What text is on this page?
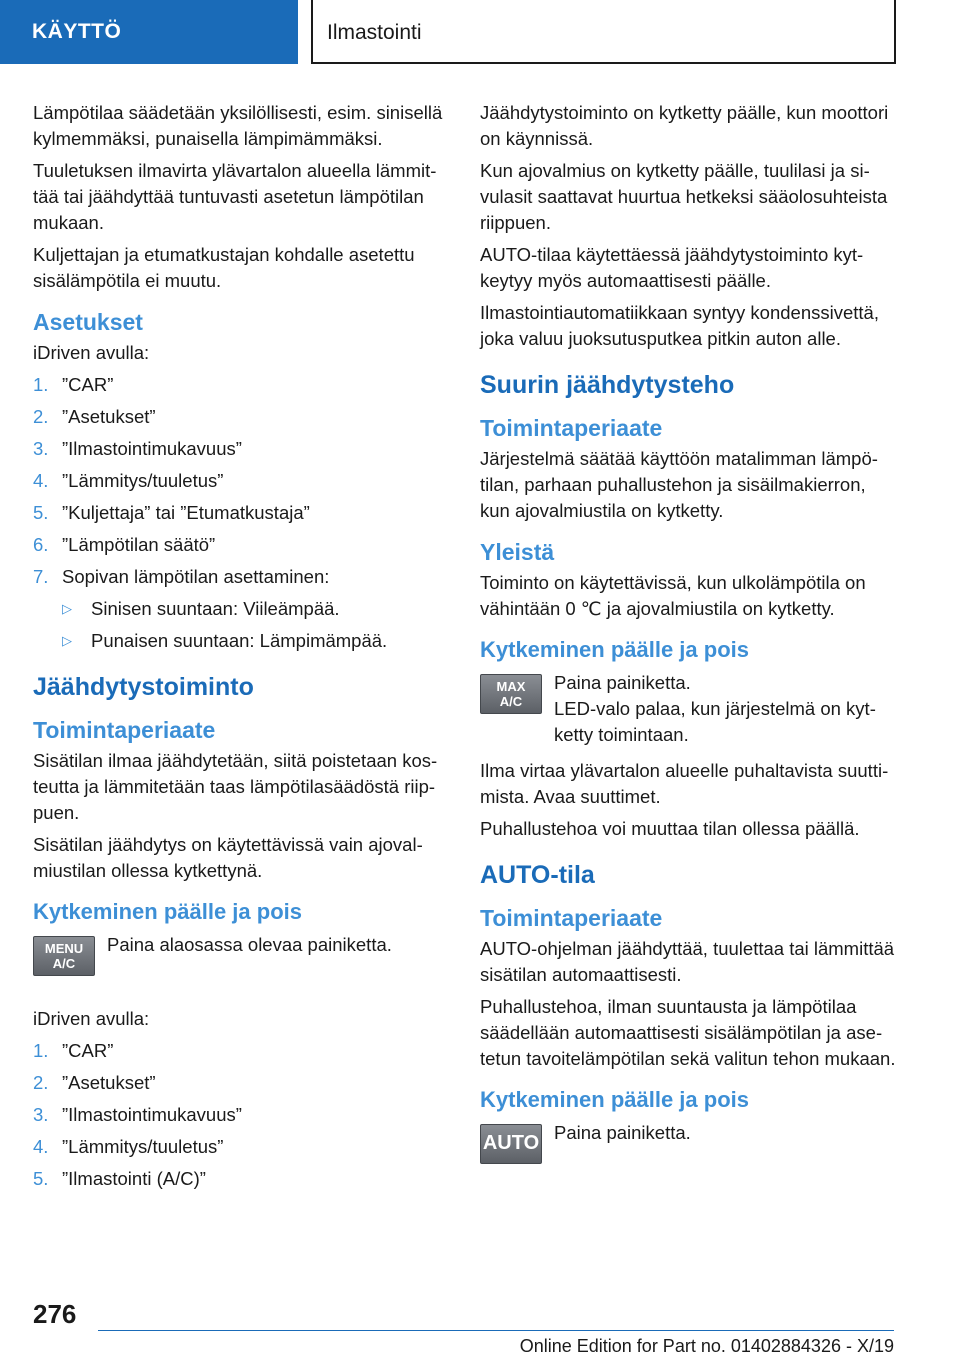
KÄYTTÖ	Ilmastointi

Lämpötilaa säädetään yksilöllisesti, esim. sinisellä kylmemmäksi, punaisella lämpimämmäksi.

Tuuletuksen ilmavirta ylävartalon alueella lämmittää tai jäähdyttää tuntuvasti asetetun lämpötilan mukaan.

Kuljettajan ja etumatkustajan kohdalle asetettu sisälämpötila ei muutu.

Asetukset

iDriven avulla:

1. ”CAR”
2. ”Asetukset”
3. ”Ilmastointimukavuus”
4. ”Lämmitys/tuuletus”
5. ”Kuljettaja” tai ”Etumatkustaja”
6. ”Lämpötilan säätö”
7. Sopivan lämpötilan asettaminen:
▷ Sinisen suuntaan: Viileämpää.
▷ Punaisen suuntaan: Lämpimämpää.
Jäähdytystoiminto
Toimintaperiaate

Sisätilan ilmaa jäähdytetään, siitä poistetaan kosteutta ja lämmitetään taas lämpötilasäädöstä riippuen.

Sisätilan jäähdytys on käytettävissä vain ajovalmiustilan ollessa kytkettynä.

Kytkeminen päälle ja pois
MENU
A/C
Paina alaosassa olevaa painiketta.

iDriven avulla:

1. ”CAR”
2. ”Asetukset”
3. ”Ilmastointimukavuus”
4. ”Lämmitys/tuuletus”
5. ”Ilmastointi (A/C)”

Jäähdytystoiminto on kytketty päälle, kun moottori on käynnissä.

Kun ajovalmius on kytketty päälle, tuulilasi ja sivulasit saattavat huurtua hetkeksi sääolosuhteista riippuen.

AUTO-tilaa käytettäessä jäähdytystoiminto kytkeytyy myös automaattisesti päälle.

Ilmastointiautomatiikkaan syntyy kondenssivettä, joka valuu juoksutusputkea pitkin auton alle.

Suurin jäähdytysteho
Toimintaperiaate

Järjestelmä säätää käyttöön matalimman lämpötilan, parhaan puhallustehon ja sisäilmakierron, kun ajovalmiustila on kytketty.

Yleistä

Toiminto on käytettävissä, kun ulkolämpötila on vähintään 0 ℃ ja ajovalmiustila on kytketty.

Kytkeminen päälle ja pois
MAX
A/C
Paina painiketta.
LED-valo palaa, kun järjestelmä on kytketty toimintaan.

Ilma virtaa ylävartalon alueelle puhaltavista suuttimista. Avaa suuttimet.

Puhallustehoa voi muuttaa tilan ollessa päällä.

AUTO-tila
Toimintaperiaate

AUTO-ohjelman jäähdyttää, tuulettaa tai lämmittää sisätilan automaattisesti.

Puhallustehoa, ilman suuntausta ja lämpötilaa säädellään automaattisesti sisälämpötilan ja asetetun tavoitelämpötilan sekä valitun tehon mukaan.

Kytkeminen päälle ja pois
AUTO Paina painiketta.
276
Online Edition for Part no. 01402884326 - X/19
